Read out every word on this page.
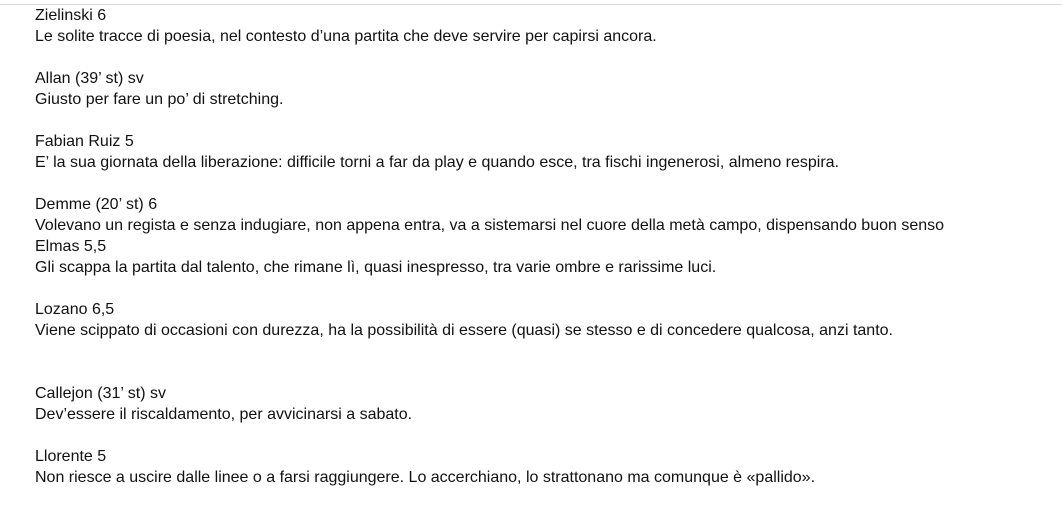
Zielinski 6
Le solite tracce di poesia, nel contesto d’una partita che deve servire per capirsi ancora.
Allan (39’ st) sv
Giusto per fare un po’ di stretching.
Fabian Ruiz 5
E’ la sua giornata della liberazione: difficile torni a far da play e quando esce, tra fischi ingenerosi, almeno respira.
Demme (20’ st) 6
Volevano un regista e senza indugiare, non appena entra, va a sistemarsi nel cuore della metà campo, dispensando buon senso
Elmas 5,5
Gli scappa la partita dal talento, che rimane lì, quasi inespresso, tra varie ombre e rarissime luci.
Lozano 6,5
Viene scippato di occasioni con durezza, ha la possibilità di essere (quasi) se stesso e di concedere qualcosa, anzi tanto.
Callejon (31’ st) sv
Dev’essere il riscaldamento, per avvicinarsi a sabato.
Llorente 5
Non riesce a uscire dalle linee o a farsi raggiungere. Lo accerchiano, lo strattonano ma comunque è «pallido».
